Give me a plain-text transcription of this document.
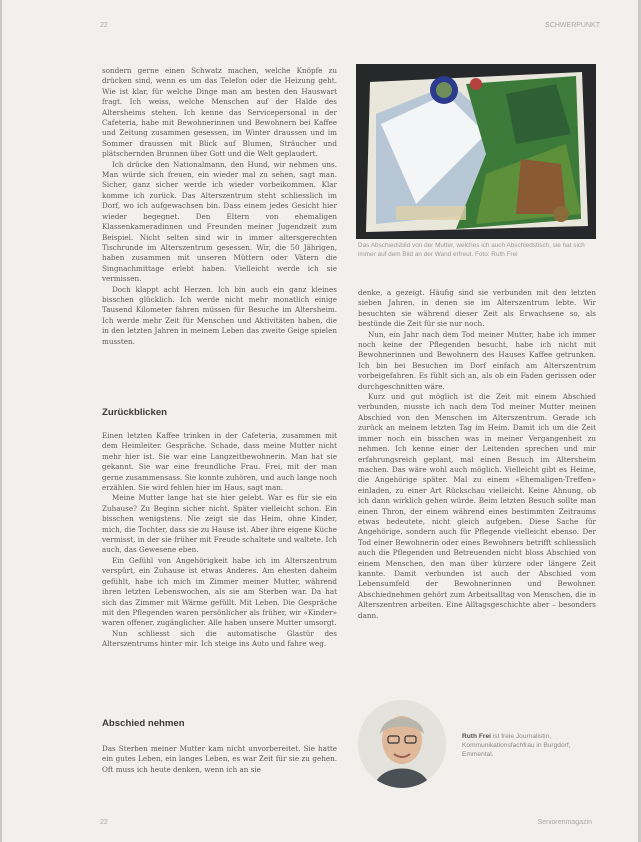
22	SCHWERPUNKT

sondern gerne einen Schwatz machen, welche Knöpfe zu drücken sind, wenn es um das Telefon oder die Heizung geht. Wie ist klar, für welche Dinge man am besten den Hauswart fragt. Ich weiss, welche Menschen auf der Halde des Altersheims stehen. Ich kenne das Servicepersonal in der Cafeteria, habe mit Bewohnerinnen und Bewohnern bei Kaffee und Zeitung zusammen gesessen, im Winter draussen und im Sommer draussen mit Blick auf Blumen, Sträucher und plätschernden Brunnen über Gott und die Welt geplaudert.

Ich drücke den Nationalmann, den Hund, wir nehmen uns. Man würde sich freuen, ein wieder mal zu sehen, sagt man. Sicher, ganz sicher werde ich wieder vorbeikommen. Klar komme ich zurück. Das Alterszentrum steht schliesslich im Dorf, wo ich aufgewachsen bin. Dass einem jedes Gesicht hier wieder begegnet. Den Eltern von ehemaligen Klassenkameradinnen und Freunden meiner Jugendzeit zum Beispiel. Nicht selten sind wir in immer altersgerechten Tischrunde im Alterszentrum gesessen. Wir, die 50 Jährigen, haben zusammen mit unseren Müttern oder Vätern die Singnachmittage erlebt haben. Vielleicht werde ich sie vermissen.

Doch klappt acht Herzen. Ich bin auch ein ganz kleines bisschen glücklich. Ich werde nicht mehr monatlich einige Tausend Kilometer fahren müssen für Besuche im Altersheim. Ich werde mehr Zeit für Menschen und Aktivitäten haben, die in den letzten Jahren in meinem Leben das zweite Geige spielen mussten.

Zurückblicken

Einen letzten Kaffee trinken in der Cafeteria, zusammen mit dem Heimleiter. Gespräche. Schade, dass meine Mutter nicht mehr hier ist. Sie war eine Langzeitbewohnerin. Man hat sie gekannt. Sie war eine freundliche Frau. Frei, mit der man gerne zusammensass. Sie konnte zuhören, und auch lange noch erzählen. Sie wird fehlen hier im Haus, sagt man.

Meine Mutter lange hat sie hier gelebt. War es für sie ein Zuhause? Zu Beginn sicher nicht. Später vielleicht schon. Ein bisschen wenigstens. Nie zeigt sie das Heim, ohne Kinder, mich, die Tochter, dass sie zu Hause ist. Aber ihre eigene Küche vermisst, in der sie früher mit Freude schaltete und waltete. Ich auch, das Gewesene eben.

Ein Gefühl von Angehörigkeit habe ich im Alterszentrum verspürt, ein Zuhause ist etwas Anderes. Am ehesten daheim gefühlt, habe ich mich im Zimmer meiner Mutter, während ihren letzten Lebenswochen, als sie am Sterben war. Da hat sich das Zimmer mit Wärme gefüllt. Mit Leben. Die Gespräche mit den Pflegenden waren persönlicher als früher, wir «Kinder» waren offener, zugänglicher. Alle haben unsere Mutter umsorgt.

Nun schliesst sich die automatische Glastür des Alterszentrums hinter mir. Ich steige ins Auto und fahre weg.

Abschied nehmen

Das Sterben meiner Mutter kam nicht unvorbereitet. Sie hatte ein gutes Leben, ein langes Leben, es war Zeit für sie zu gehen. Oft muss ich heute denken, wenn ich an sie

Das Abschiedsbild von der Mutter, welches ich auch Abschiedstisch, sie hat sich immer auf dem Bild an der Wand erfreut. Foto: Ruth Frei

denke, a gezeigt. Häufig sind sie verbunden mit den letzten sieben Jahren, in denen sie im Alterszentrum lebte. Wir besuchten sie während dieser Zeit als Erwachsene so, als bestünde die Zeit für sie nur noch.

Nun, ein Jahr nach dem Tod meiner Mutter, habe ich immer noch keine der Pflegenden besucht, habe ich nicht mit Bewohnerinnen und Bewohnern des Hauses Kaffee getrunken. Ich bin bei Besuchen im Dorf einfach am Alterszentrum vorbeigefahren. Es fühlt sich an, als ob ein Faden gerissen oder durchgeschnitten wäre.

Kurz und gut möglich ist die Zeit mit einem Abschied verbunden, musste ich nach dem Tod meiner Mutter meinen Abschied von den Menschen im Alterszentrum. Gerade ich zurück an meinem letzten Tag im Heim. Damit ich um die Zeit immer noch ein bisschen was in meiner Vergangenheit zu nehmen. Ich kenne einer der Leitenden sprechen und mir erfahrungsreich geplant, mal einen Besuch im Altersheim machen. Das wäre wohl auch möglich. Vielleicht gibt es Heime, die Angehörige später. Mal zu einem «Ehemaligen-Treffen» einladen, zu einer Art Rückschau vielleicht. Keine Ahnung, ob ich dann wirklich gehen würde. Beim letzten Besuch sollte man einen Thron, der einem während eines bestimmten Zeitraums etwas bedeutete, nicht gleich aufgeben. Diese Sache für Angehörige, sondern auch für Pflegende vielleicht ebenso. Der Tod einer Bewohnerin oder eines Bewohners betrifft schliesslich auch die Pflegenden und Betreuenden nicht bloss Abschied von einem Menschen, den man über kürzere oder längere Zeit kannte. Damit verbunden ist auch der Abschied vom Lebensumfeld der Bewohnerinnen und Bewohner. Abschiednehmen gehört zum Arbeitsalltag von Menschen, die in Alterszentren arbeiten. Eine Alltagsgeschichte aber – besonders dann.

Ruth Frei ist freie Journalistin, Kommunikationsfachfrau in Burgdorf, Emmental.
22	Seniorenmagazin
